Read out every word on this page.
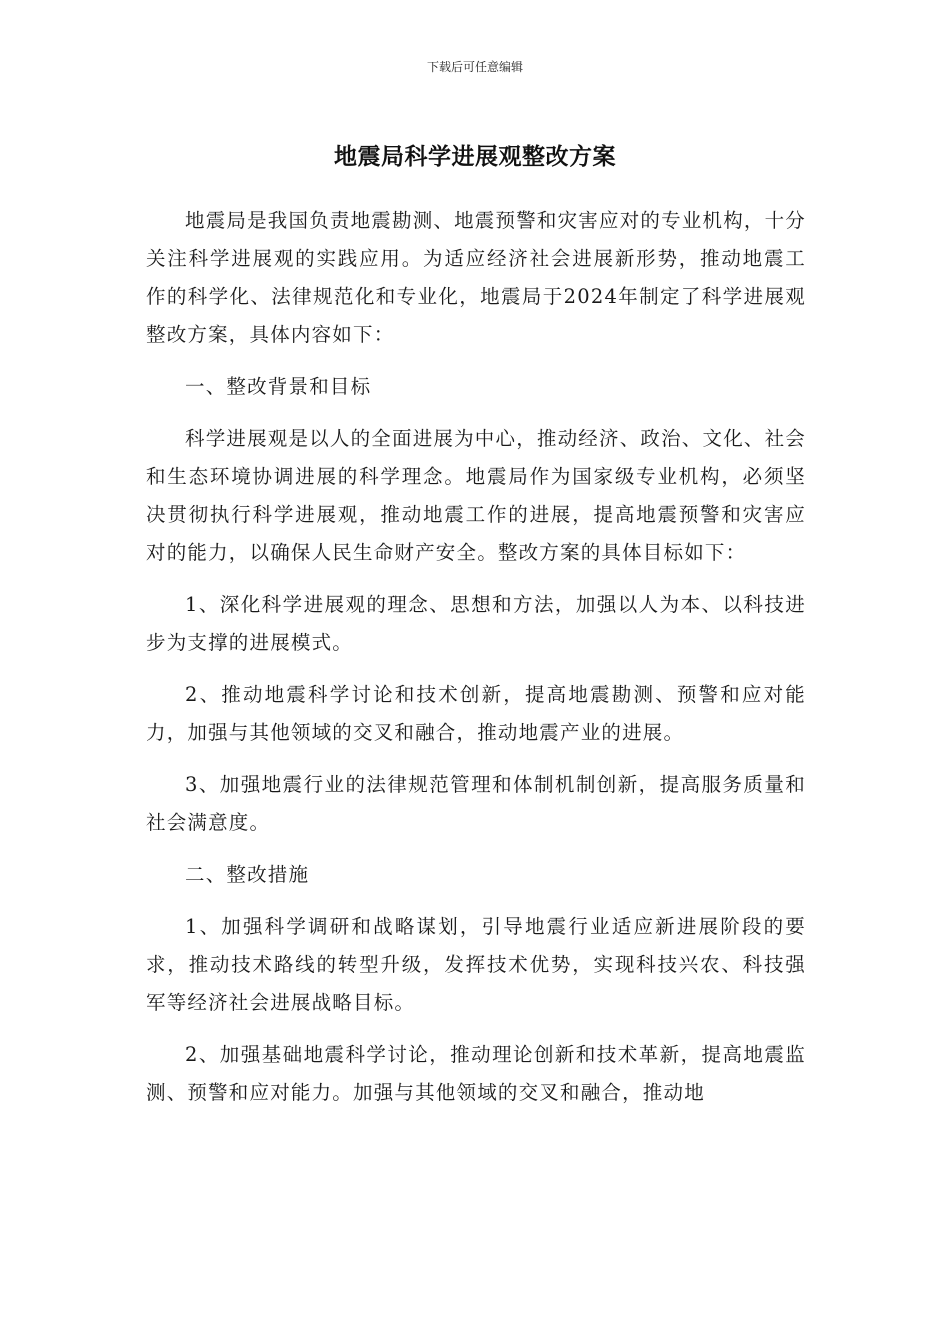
下载后可任意编辑
地震局科学进展观整改方案

地震局是我国负责地震勘测、地震预警和灾害应对的专业机构，十分关注科学进展观的实践应用。为适应经济社会进展新形势，推动地震工作的科学化、法律规范化和专业化，地震局于2024年制定了科学进展观整改方案，具体内容如下：

一、整改背景和目标

科学进展观是以人的全面进展为中心，推动经济、政治、文化、社会和生态环境协调进展的科学理念。地震局作为国家级专业机构，必须坚决贯彻执行科学进展观，推动地震工作的进展，提高地震预警和灾害应对的能力，以确保人民生命财产安全。整改方案的具体目标如下：

1、深化科学进展观的理念、思想和方法，加强以人为本、以科技进步为支撑的进展模式。

2、推动地震科学讨论和技术创新，提高地震勘测、预警和应对能力，加强与其他领域的交叉和融合，推动地震产业的进展。

3、加强地震行业的法律规范管理和体制机制创新，提高服务质量和社会满意度。

二、整改措施

1、加强科学调研和战略谋划，引导地震行业适应新进展阶段的要求，推动技术路线的转型升级，发挥技术优势，实现科技兴农、科技强军等经济社会进展战略目标。

2、加强基础地震科学讨论，推动理论创新和技术革新，提高地震监测、预警和应对能力。加强与其他领域的交叉和融合，推动地
